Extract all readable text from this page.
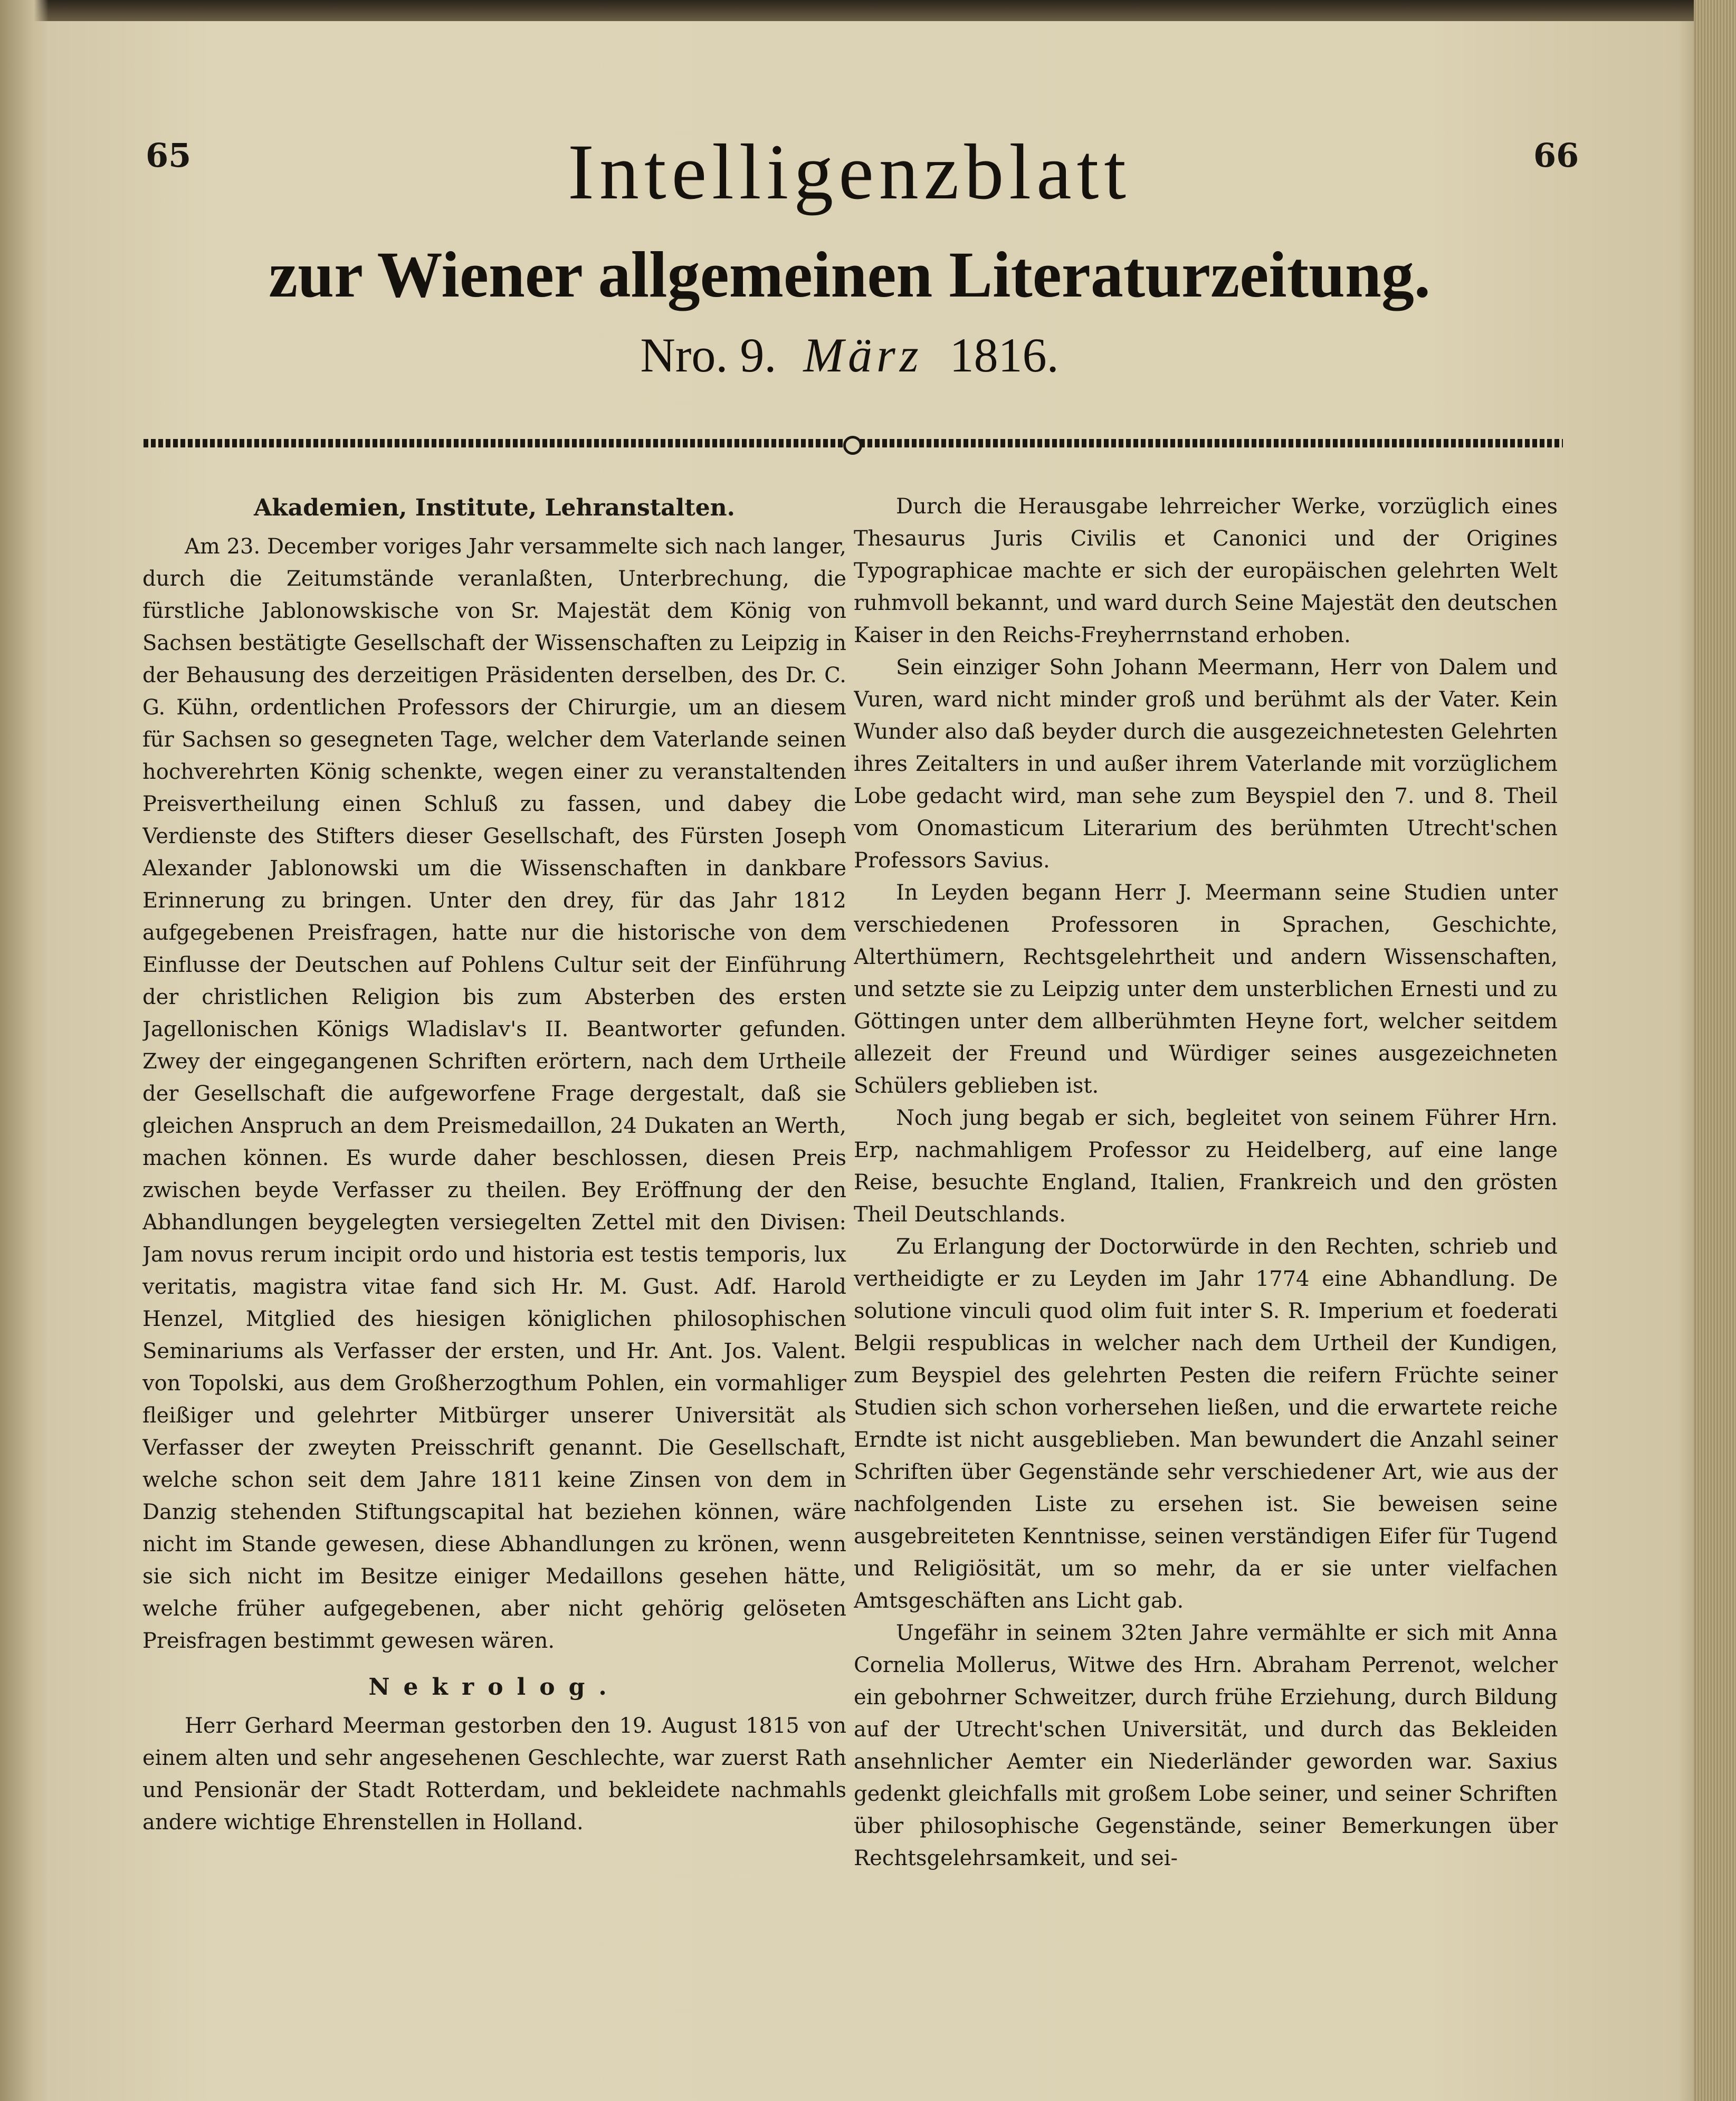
65	66
Intelligenzblatt
zur Wiener allgemeinen Literaturzeitung.
Nro. 9. März 1816.
Akademien, Institute, Lehranstalten.

Am 23. December voriges Jahr versammelte sich nach langer, durch die Zeitumstände veranlaßten, Unterbrechung, die fürstliche Jablonowskische von Sr. Majestät dem König von Sachsen bestätigte Gesellschaft der Wissenschaften zu Leipzig in der Behausung des derzeitigen Präsidenten derselben, des Dr. C. G. Kühn, ordentlichen Professors der Chirurgie, um an diesem für Sachsen so gesegneten Tage, welcher dem Vaterlande seinen hochverehrten König schenkte, wegen einer zu veranstaltenden Preisvertheilung einen Schluß zu fassen, und dabey die Verdienste des Stifters dieser Gesellschaft, des Fürsten Joseph Alexander Jablonowski um die Wissenschaften in dankbare Erinnerung zu bringen. Unter den drey, für das Jahr 1812 aufgegebenen Preisfragen, hatte nur die historische von dem Einflusse der Deutschen auf Pohlens Cultur seit der Einführung der christlichen Religion bis zum Absterben des ersten Jagellonischen Königs Wladislav's II. Beantworter gefunden. Zwey der eingegangenen Schriften erörtern, nach dem Urtheile der Gesellschaft die aufgeworfene Frage dergestalt, daß sie gleichen Anspruch an dem Preismedaillon, 24 Dukaten an Werth, machen können. Es wurde daher beschlossen, diesen Preis zwischen beyde Verfasser zu theilen. Bey Eröffnung der den Abhandlungen beygelegten versiegelten Zettel mit den Divisen: Jam novus rerum incipit ordo und historia est testis temporis, lux veritatis, magistra vitae fand sich Hr. M. Gust. Adf. Harold Henzel, Mitglied des hiesigen königlichen philosophischen Seminariums als Verfasser der ersten, und Hr. Ant. Jos. Valent. von Topolski, aus dem Großherzogthum Pohlen, ein vormahliger fleißiger und gelehrter Mitbürger unserer Universität als Verfasser der zweyten Preisschrift genannt. Die Gesellschaft, welche schon seit dem Jahre 1811 keine Zinsen von dem in Danzig stehenden Stiftungscapital hat beziehen können, wäre nicht im Stande gewesen, diese Abhandlungen zu krönen, wenn sie sich nicht im Besitze einiger Medaillons gesehen hätte, welche früher aufgegebenen, aber nicht gehörig gelöseten Preisfragen bestimmt gewesen wären.

Nekrolog.

Herr Gerhard Meerman gestorben den 19. August 1815 von einem alten und sehr angesehenen Geschlechte, war zuerst Rath und Pensionär der Stadt Rotterdam, und bekleidete nachmahls andere wichtige Ehrenstellen in Holland.

Durch die Herausgabe lehrreicher Werke, vorzüglich eines Thesaurus Juris Civilis et Canonici und der Origines Typographicae machte er sich der europäischen gelehrten Welt ruhmvoll bekannt, und ward durch Seine Majestät den deutschen Kaiser in den Reichs-Freyherrnstand erhoben.

Sein einziger Sohn Johann Meermann, Herr von Dalem und Vuren, ward nicht minder groß und berühmt als der Vater. Kein Wunder also daß beyder durch die ausgezeichnetesten Gelehrten ihres Zeitalters in und außer ihrem Vaterlande mit vorzüglichem Lobe gedacht wird, man sehe zum Beyspiel den 7. und 8. Theil vom Onomasticum Literarium des berühmten Utrecht'schen Professors Savius.

In Leyden begann Herr J. Meermann seine Studien unter verschiedenen Professoren in Sprachen, Geschichte, Alterthümern, Rechtsgelehrtheit und andern Wissenschaften, und setzte sie zu Leipzig unter dem unsterblichen Ernesti und zu Göttingen unter dem allberühmten Heyne fort, welcher seitdem allezeit der Freund und Würdiger seines ausgezeichneten Schülers geblieben ist.

Noch jung begab er sich, begleitet von seinem Führer Hrn. Erp, nachmahligem Professor zu Heidelberg, auf eine lange Reise, besuchte England, Italien, Frankreich und den grösten Theil Deutschlands.

Zu Erlangung der Doctorwürde in den Rechten, schrieb und vertheidigte er zu Leyden im Jahr 1774 eine Abhandlung. De solutione vinculi quod olim fuit inter S. R. Imperium et foederati Belgii respublicas in welcher nach dem Urtheil der Kundigen, zum Beyspiel des gelehrten Pesten die reifern Früchte seiner Studien sich schon vorhersehen ließen, und die erwartete reiche Erndte ist nicht ausgeblieben. Man bewundert die Anzahl seiner Schriften über Gegenstände sehr verschiedener Art, wie aus der nachfolgenden Liste zu ersehen ist. Sie beweisen seine ausgebreiteten Kenntnisse, seinen verständigen Eifer für Tugend und Religiösität, um so mehr, da er sie unter vielfachen Amtsgeschäften ans Licht gab.

Ungefähr in seinem 32ten Jahre vermählte er sich mit Anna Cornelia Mollerus, Witwe des Hrn. Abraham Perrenot, welcher ein gebohrner Schweitzer, durch frühe Erziehung, durch Bildung auf der Utrecht'schen Universität, und durch das Bekleiden ansehnlicher Aemter ein Niederländer geworden war. Saxius gedenkt gleichfalls mit großem Lobe seiner, und seiner Schriften über philosophische Gegenstände, seiner Bemerkungen über Rechtsgelehrsamkeit, und sei-
